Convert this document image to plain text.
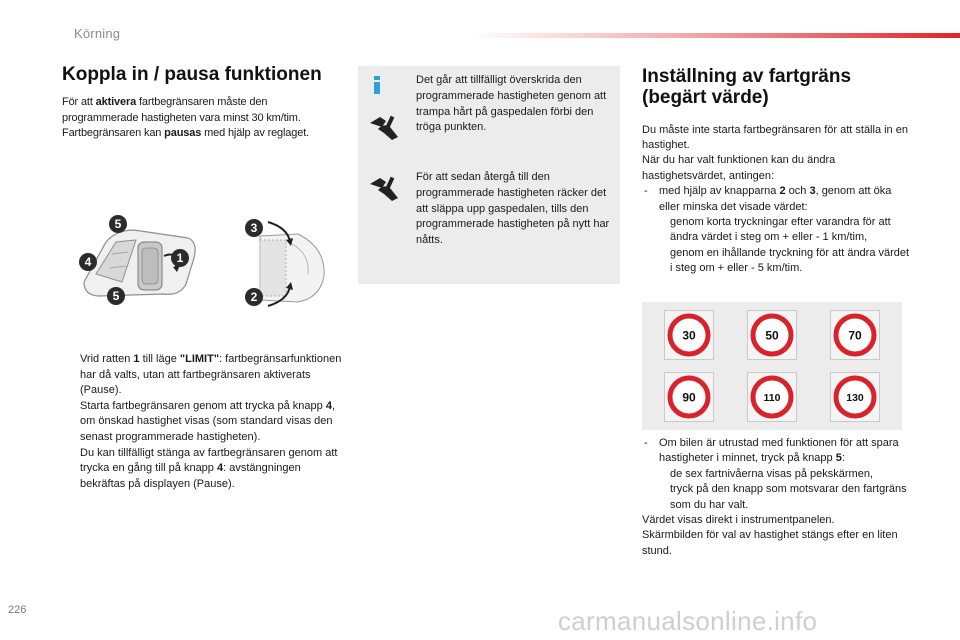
Körning
Koppla in / pausa funktionen

För att aktivera fartbegränsaren måste den programmerade hastigheten vara minst 30 km/tim. Fartbegränsaren kan pausas med hjälp av reglaget.

5
4	1
5
3
2
Vrid ratten 1 till läge "LIMIT": fartbegränsarfunktionen har då valts, utan att fartbegränsaren aktiverats (Pause).
Starta fartbegränsaren genom att trycka på knapp 4, om önskad hastighet visas (som standard visas den senast programmerade hastigheten).
Du kan tillfälligt stänga av fartbegränsaren genom att trycka en gång till på knapp 4: avstängningen bekräftas på displayen (Pause).
Det går att tillfälligt överskrida den programmerade hastigheten genom att trampa hårt på gaspedalen förbi den tröga punkten.
För att sedan återgå till den programmerade hastigheten räcker det att släppa upp gaspedalen, tills den programmerade hastigheten på nytt har nåtts.
Inställning av fartgräns
(begärt värde)
Du måste inte starta fartbegränsaren för att ställa in en hastighet.
När du har valt funktionen kan du ändra hastighetsvärdet, antingen:
- med hjälp av knapparna 2 och 3, genom att öka eller minska det visade värdet:
genom korta tryckningar efter varandra för att ändra värdet i steg om + eller - 1 km/tim,
genom en ihållande tryckning för att ändra värdet i steg om + eller - 5 km/tim.
30	50	70
90	110	130
- Om bilen är utrustad med funktionen för att spara hastigheter i minnet, tryck på knapp 5:
de sex fartnivåerna visas på pekskärmen,
tryck på den knapp som motsvarar den fartgräns som du har valt.
Värdet visas direkt i instrumentpanelen.
Skärmbilden för val av hastighet stängs efter en liten stund.
226	carmanualsonline.info
